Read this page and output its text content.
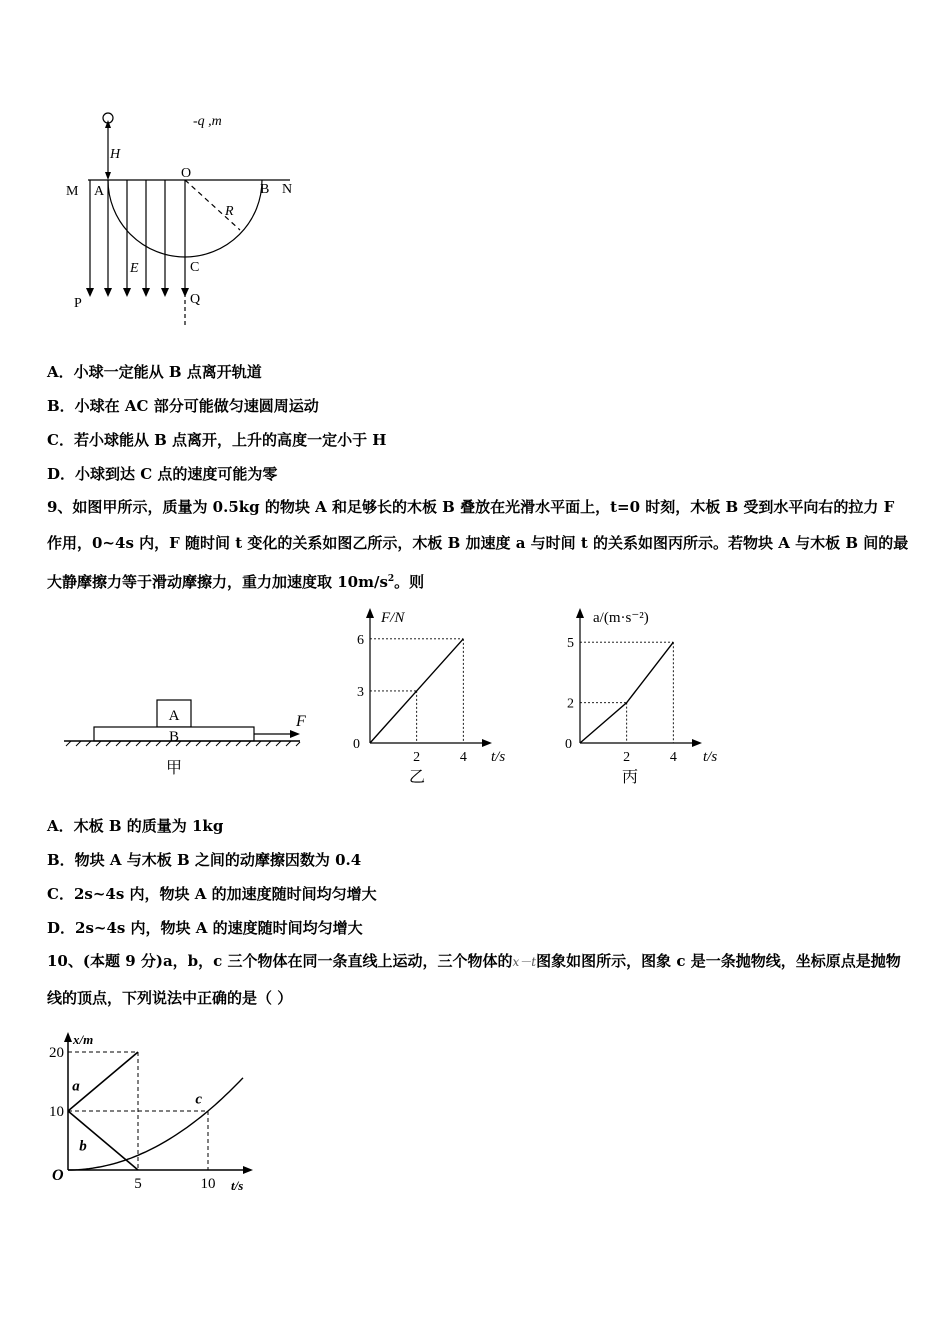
-q ,m
H
O
M A	B N
R
E	C
P	Q
A．小球一定能从 B 点离开轨道
B．小球在 AC 部分可能做匀速圆周运动
C．若小球能从 B 点离开，上升的高度一定小于 H
D．小球到达 C 点的速度可能为零
9、如图甲所示，质量为 0.5kg 的物块 A 和足够长的木板 B 叠放在光滑水平面上，t=0 时刻，木板 B 受到水平向右的拉力 F 作用，0~4s 内，F 随时间 t 变化的关系如图乙所示，木板 B 加速度 a 与时间 t 的关系如图丙所示。若物块 A 与木板 B 间的最大静摩擦力等于滑动摩擦力，重力加速度取 $10m/s^2$。则
A
B
F
甲
F/N
t/s
0
2	4
3
6
乙
a/(m·s⁻²)
t/s
0
2	4
2
5
丙
A．木板 B 的质量为 1kg
B．物块 A 与木板 B 之间的动摩擦因数为 0.4
C．2s~4s 内，物块 A 的加速度随时间均匀增大
D．2s~4s 内，物块 A 的速度随时间均匀增大
10、(本题 9 分)a，b，c 三个物体在同一条直线上运动，三个物体的x－t图象如图所示，图象 c 是一条抛物线，坐标原点是抛物线的顶点，下列说法中正确的是（ ）
x/m
t/s
O	5	10
10
20
a
b
c
